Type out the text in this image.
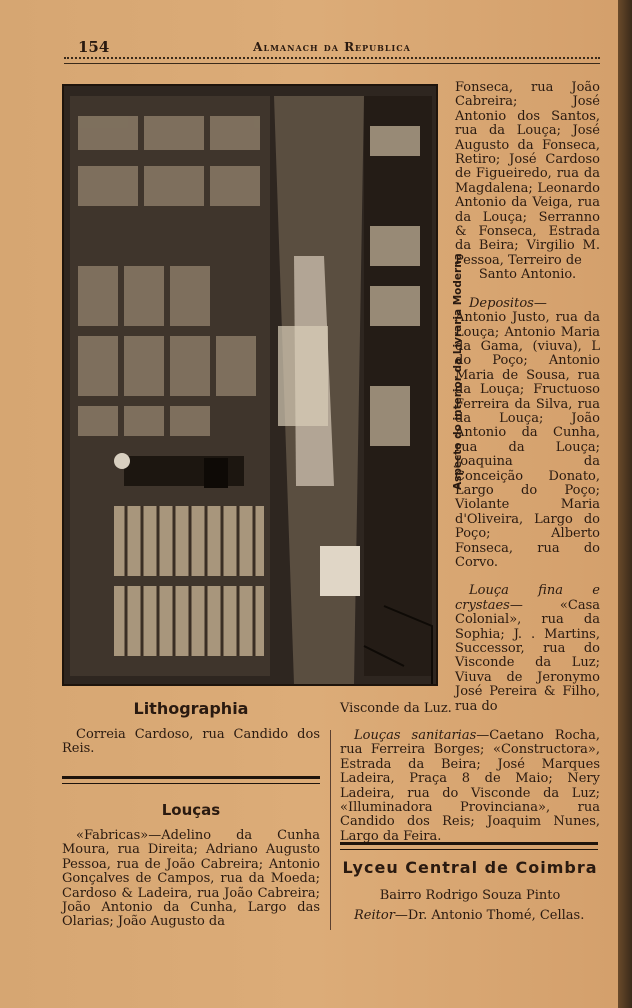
154	Almanach da Republica
Aspecto do interior da Livraria Moderna

Fonseca, rua João Cabreira; José Antonio dos Santos, rua da Louça; José Augusto da Fonseca, Retiro; José Cardoso de Figueiredo, rua da Magdalena; Leonardo Antonio da Veiga, rua da Louça; Serranno & Fonseca, Estrada da Beira; Virgilio M. Pessoa, Terreiro de

Santo Antonio.

Depositos— Antonio Justo, rua da Louça; Antonio Maria da Gama, (viuva), L do Poço; Antonio Maria de Sousa, rua da Louça; Fructuoso Ferreira da Silva, rua da Louça; João Antonio da Cunha, rua da Louça; Joaquina da Conceição Donato, Largo do Poço; Violante Maria d'Oliveira, Largo do Poço; Alberto Fonseca, rua do Corvo.

Louça fina e crystaes— «Casa Colonial», rua da Sophia; J. . Martins, Successor, rua do Visconde da Luz; Viuva de Jeronymo José Pereira & Filho, rua do

Visconde da Luz.
Lithographia
Correia Cardoso, rua Candido dos Reis.
Louças
«Fabricas»—Adelino da Cunha Moura, rua Direita; Adriano Augusto Pessoa, rua de João Cabreira; Antonio Gonçalves de Campos, rua da Moeda; Cardoso & Ladeira, rua João Cabreira; João Antonio da Cunha, Largo das Olarias; João Augusto da
Louças sanitarias—Caetano Rocha, rua Ferreira Borges; «Constructora», Estrada da Beira; José Marques Ladeira, Praça 8 de Maio; Nery Ladeira, rua do Visconde da Luz; «Illuminadora Provinciana», rua Candido dos Reis; Joaquim Nunes, Largo da Feira.
Lyceu Central de Coimbra

Bairro Rodrigo Souza Pinto

Reitor—Dr. Antonio Thomé, Cellas.
